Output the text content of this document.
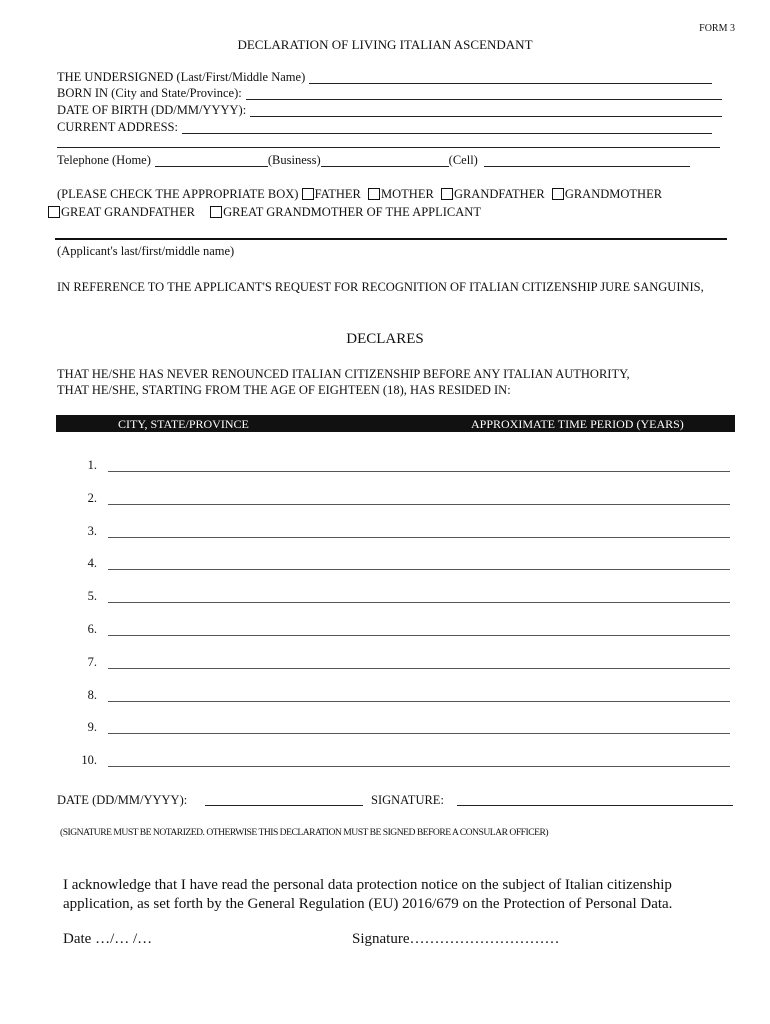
FORM 3
DECLARATION OF LIVING ITALIAN ASCENDANT
THE UNDERSIGNED (Last/First/Middle Name)
BORN IN (City and State/Province):
DATE OF BIRTH (DD/MM/YYYY):
CURRENT ADDRESS:
Telephone (Home)	(Business)	(Cell)
(PLEASE CHECK THE APPROPRIATE BOX) FATHER MOTHER GRANDFATHER GRANDMOTHER
GREAT GRANDFATHER GREAT GRANDMOTHER OF THE APPLICANT
(Applicant's last/first/middle name)
IN REFERENCE TO THE APPLICANT'S REQUEST FOR RECOGNITION OF ITALIAN CITIZENSHIP JURE SANGUINIS,
DECLARES
THAT HE/SHE HAS NEVER RENOUNCED ITALIAN CITIZENSHIP BEFORE ANY ITALIAN AUTHORITY,
THAT HE/SHE, STARTING FROM THE AGE OF EIGHTEEN (18), HAS RESIDED IN:
CITY, STATE/PROVINCE	APPROXIMATE TIME PERIOD (YEARS)
1.
2.
3.
4.
5.
6.
7.
8.
9.
10.
DATE (DD/MM/YYYY):	SIGNATURE:
(SIGNATURE MUST BE NOTARIZED. OTHERWISE THIS DECLARATION MUST BE SIGNED BEFORE A CONSULAR OFFICER)
I acknowledge that I have read the personal data protection notice on the subject of Italian citizenship application, as set forth by the General Regulation (EU) 2016/679 on the Protection of Personal Data.
Date …/… /…	Signature…………………………
